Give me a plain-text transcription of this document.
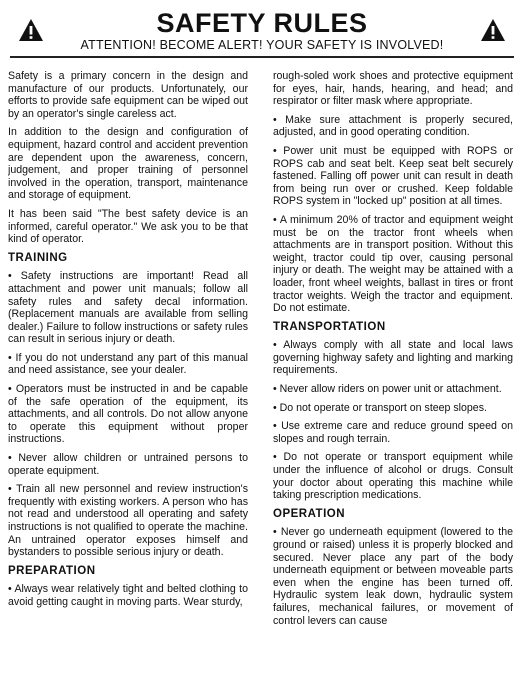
SAFETY RULES
ATTENTION! BECOME ALERT! YOUR SAFETY IS INVOLVED!

Safety is a primary concern in the design and manufacture of our products. Unfortunately, our efforts to provide safe equipment can be wiped out by an operator's single careless act.

In addition to the design and configuration of equipment, hazard control and accident prevention are dependent upon the awareness, concern, judgement, and proper training of personnel involved in the operation, transport, maintenance and storage of equipment.

It has been said "The best safety device is an informed, careful operator." We ask you to be that kind of operator.

TRAINING

• Safety instructions are important! Read all attachment and power unit manuals; follow all safety rules and safety decal information. (Replacement manuals are available from selling dealer.) Failure to follow instructions or safety rules can result in serious injury or death.

• If you do not understand any part of this manual and need assistance, see your dealer.

• Operators must be instructed in and be capable of the safe operation of the equipment, its attachments, and all controls. Do not allow anyone to operate this equipment without proper instructions.

• Never allow children or untrained persons to operate equipment.

• Train all new personnel and review instruction's frequently with existing workers. A person who has not read and understood all operating and safety instructions is not qualified to operate the machine. An untrained operator exposes himself and bystanders to possible serious injury or death.

PREPARATION

• Always wear relatively tight and belted clothing to avoid getting caught in moving parts. Wear sturdy,

rough-soled work shoes and protective equipment for eyes, hair, hands, hearing, and head; and respirator or filter mask where appropriate.

• Make sure attachment is properly secured, adjusted, and in good operating condition.

• Power unit must be equipped with ROPS or ROPS cab and seat belt. Keep seat belt securely fastened. Falling off power unit can result in death from being run over or crushed. Keep foldable ROPS system in "locked up" position at all times.

• A minimum 20% of tractor and equipment weight must be on the tractor front wheels when attachments are in transport position. Without this weight, tractor could tip over, causing personal injury or death. The weight may be attained with a loader, front wheel weights, ballast in tires or front tractor weights. Weigh the tractor and equipment. Do not estimate.

TRANSPORTATION

• Always comply with all state and local laws governing highway safety and lighting and marking requirements.

• Never allow riders on power unit or attachment.

• Do not operate or transport on steep slopes.

• Use extreme care and reduce ground speed on slopes and rough terrain.

• Do not operate or transport equipment while under the influence of alcohol or drugs. Consult your doctor about operating this machine while taking prescription medications.

OPERATION

• Never go underneath equipment (lowered to the ground or raised) unless it is properly blocked and secured. Never place any part of the body underneath equipment or between moveable parts even when the engine has been turned off. Hydraulic system leak down, hydraulic system failures, mechanical failures, or movement of control levers can cause
